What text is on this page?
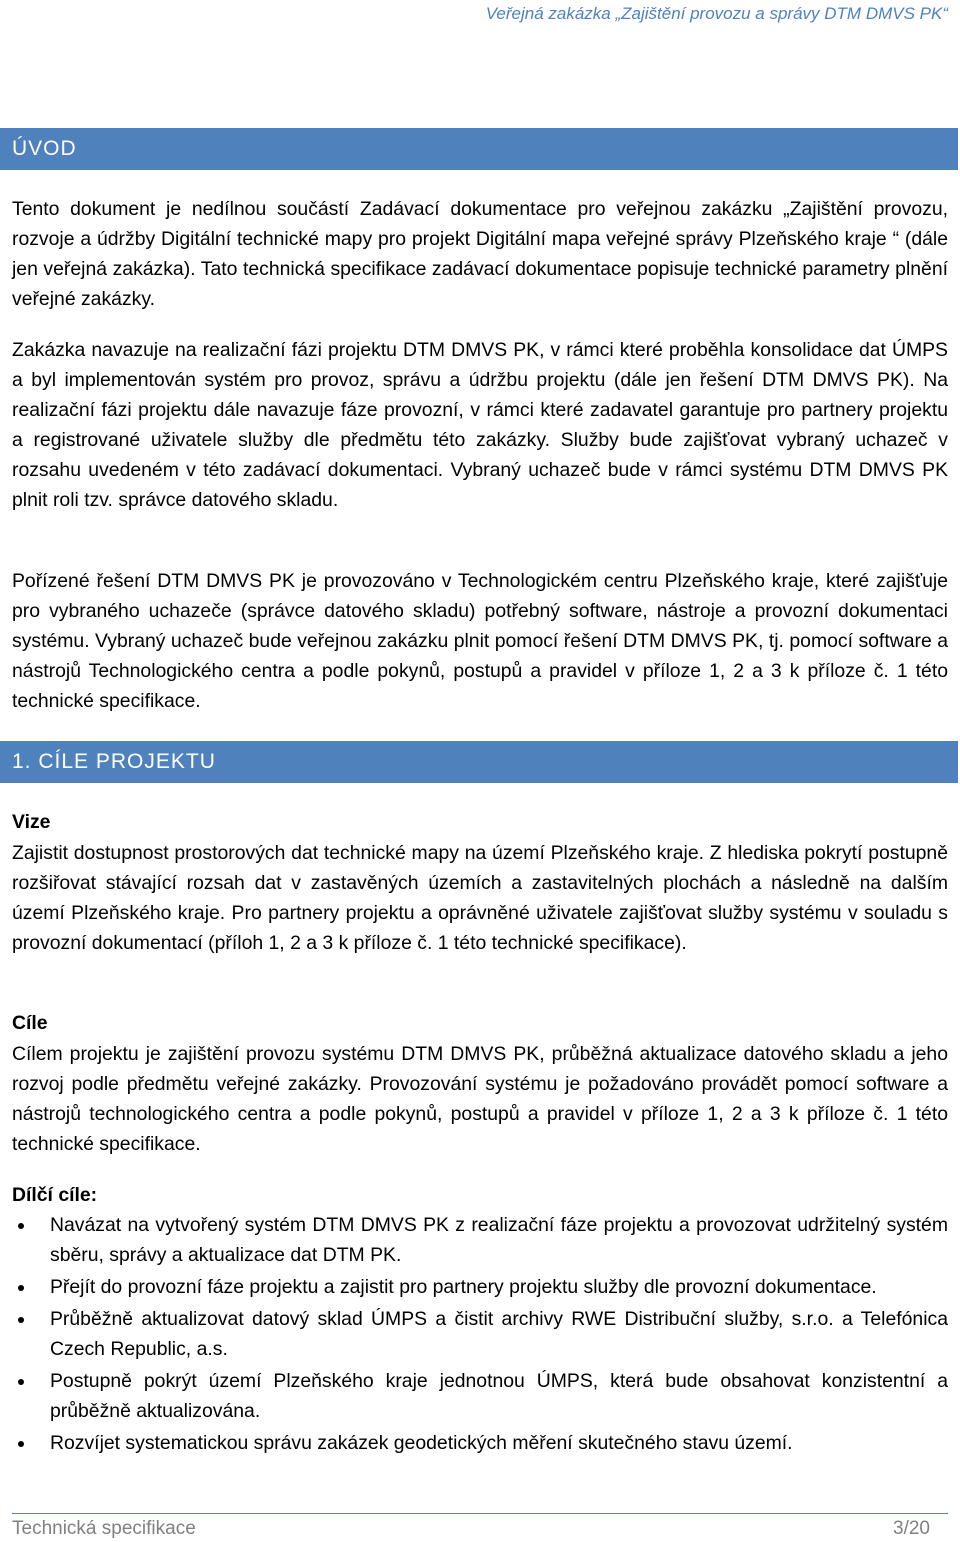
Veřejná zakázka „Zajištění provozu a správy DTM DMVS PK“
ÚVOD

Tento dokument je nedílnou součástí Zadávací dokumentace pro veřejnou zakázku „Zajištění provozu, rozvoje a údržby Digitální technické mapy pro projekt Digitální mapa veřejné správy Plzeňského kraje “ (dále jen veřejná zakázka). Tato technická specifikace zadávací dokumentace popisuje technické parametry plnění veřejné zakázky.

Zakázka navazuje na realizační fázi projektu DTM DMVS PK, v rámci které proběhla konsolidace dat ÚMPS a byl implementován systém pro provoz, správu a údržbu projektu (dále jen řešení DTM DMVS PK). Na realizační fázi projektu dále navazuje fáze provozní, v rámci které zadavatel garantuje pro partnery projektu a registrované uživatele služby dle předmětu této zakázky. Služby bude zajišťovat vybraný uchazeč v rozsahu uvedeném v této zadávací dokumentaci. Vybraný uchazeč bude v rámci systému DTM DMVS PK plnit roli tzv. správce datového skladu.

Pořízené řešení DTM DMVS PK je provozováno v Technologickém centru Plzeňského kraje, které zajišťuje pro vybraného uchazeče (správce datového skladu) potřebný software, nástroje a provozní dokumentaci systému. Vybraný uchazeč bude veřejnou zakázku plnit pomocí řešení DTM DMVS PK, tj. pomocí software a nástrojů Technologického centra a podle pokynů, postupů a pravidel v příloze 1, 2 a 3 k příloze č. 1 této technické specifikace.

1. CÍLE PROJEKTU

Vize

Zajistit dostupnost prostorových dat technické mapy na území Plzeňského kraje. Z hlediska pokrytí postupně rozšiřovat stávající rozsah dat v zastavěných územích a zastavitelných plochách a následně na dalším území Plzeňského kraje. Pro partnery projektu a oprávněné uživatele zajišťovat služby systému v souladu s provozní dokumentací (příloh 1, 2 a 3 k příloze č. 1 této technické specifikace).

Cíle

Cílem projektu je zajištění provozu systému DTM DMVS PK, průběžná aktualizace datového skladu a jeho rozvoj podle předmětu veřejné zakázky. Provozování systému je požadováno provádět pomocí software a nástrojů technologického centra a podle pokynů, postupů a pravidel v příloze 1, 2 a 3 k příloze č. 1 této technické specifikace.

Dílčí cíle:

Navázat na vytvořený systém DTM DMVS PK z realizační fáze projektu a provozovat udržitelný systém sběru, správy a aktualizace dat DTM PK.
Přejít do provozní fáze projektu a zajistit pro partnery projektu služby dle provozní dokumentace.
Průběžně aktualizovat datový sklad ÚMPS a čistit archivy RWE Distribuční služby, s.r.o. a Telefónica Czech Republic, a.s.
Postupně pokrýt území Plzeňského kraje jednotnou ÚMPS, která bude obsahovat konzistentní a průběžně aktualizována.
Rozvíjet systematickou správu zakázek geodetických měření skutečného stavu území.
Technická specifikace	3/20
